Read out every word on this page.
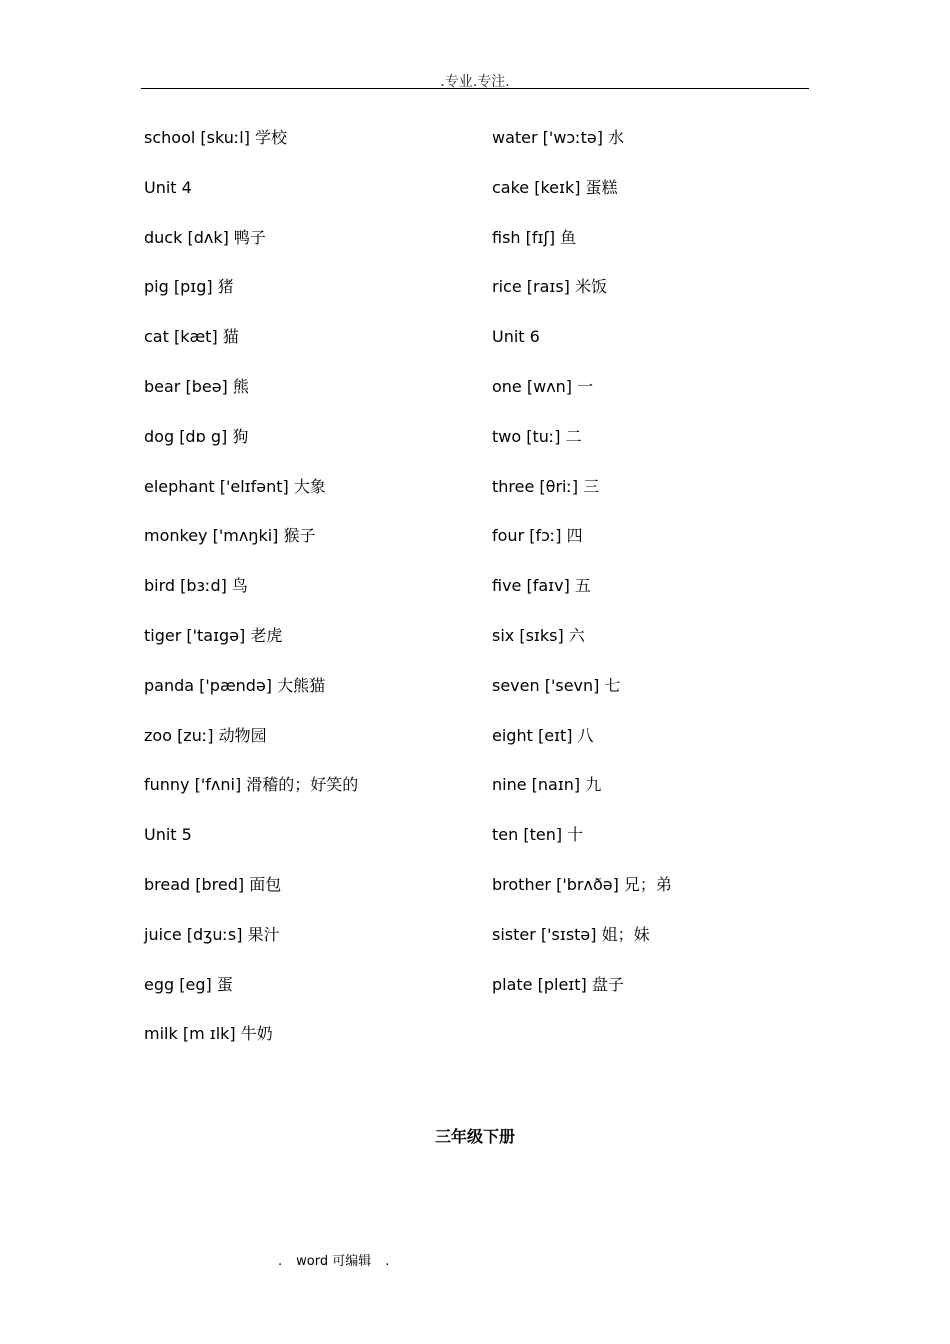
.专业.专注.
school [skuːl] 学校
Unit 4
duck [dʌk] 鸭子
pig [pɪg] 猪
cat [kæt] 猫
bear [beə] 熊
dog [dɒ g] 狗
elephant ['elɪfənt] 大象
monkey ['mʌŋki] 猴子
bird [bɜːd] 鸟
tiger ['taɪgə] 老虎
panda ['pændə] 大熊猫
zoo [zuː] 动物园
funny ['fʌni] 滑稽的；好笑的
Unit 5
bread [bred] 面包
juice [dʒuːs] 果汁
egg [eg] 蛋
milk [m ɪlk] 牛奶
water ['wɔːtə] 水
cake [keɪk] 蛋糕
fish [fɪʃ] 鱼
rice [raɪs] 米饭
Unit 6
one [wʌn] 一
two [tuː] 二
three [θriː] 三
four [fɔː] 四
five [faɪv] 五
six [sɪks] 六
seven ['sevn] 七
eight [eɪt] 八
nine [naɪn] 九
ten [ten] 十
brother ['brʌðə] 兄；弟
sister ['sɪstə] 姐；妹
plate [pleɪt] 盘子
三年级下册
. word 可编辑 .
